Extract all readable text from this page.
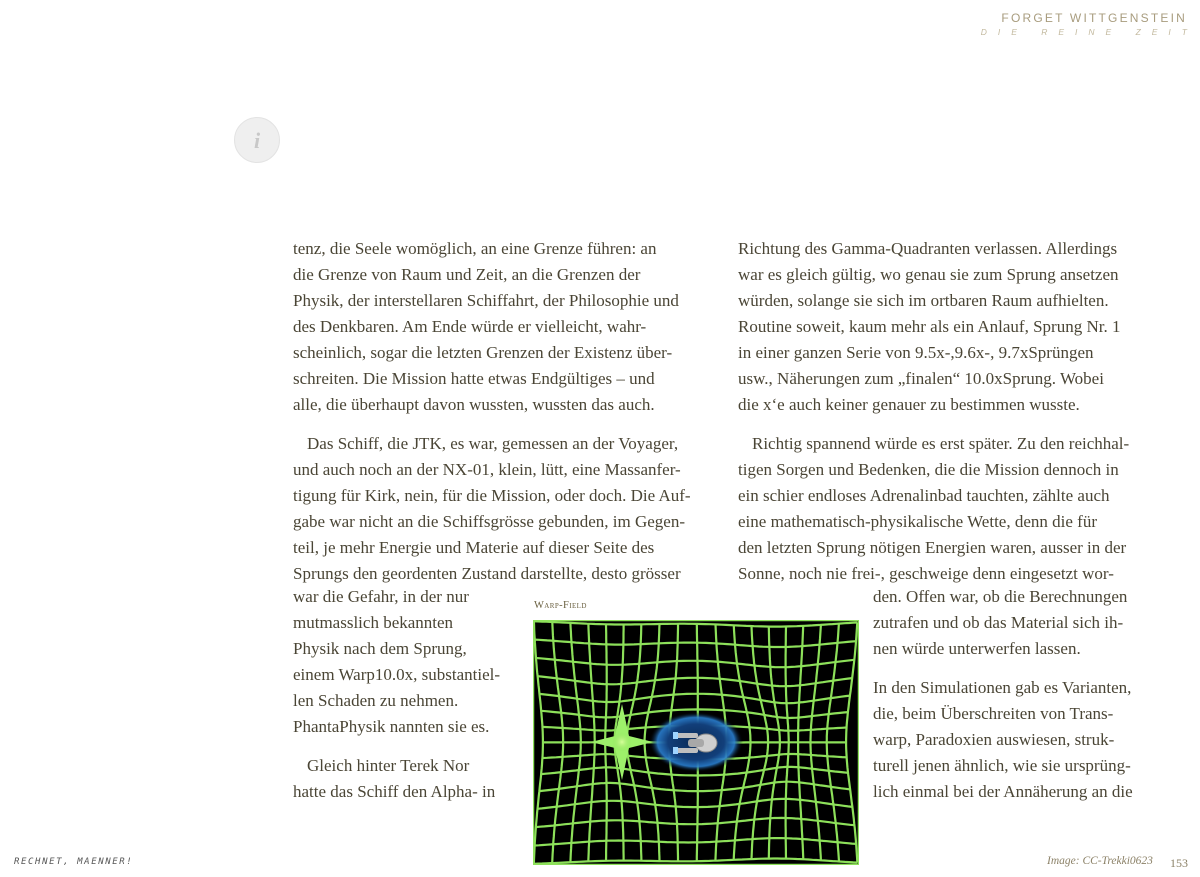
FORGET WITTGENSTEIN
DIE REINE ZEIT
i

tenz, die Seele womöglich, an eine Grenze führen: an
die Grenze von Raum und Zeit, an die Grenzen der
Physik, der interstellaren Schiffahrt, der Philosophie und
des Denkbaren. Am Ende würde er vielleicht, wahr-
scheinlich, sogar die letzten Grenzen der Existenz über-
schreiten. Die Mission hatte etwas Endgültiges – und
alle, die überhaupt davon wussten, wussten das auch.

Das Schiff, die JTK, es war, gemessen an der Voyager,
und auch noch an der NX-01, klein, lütt, eine Massanfer-
tigung für Kirk, nein, für die Mission, oder doch. Die Auf-
gabe war nicht an die Schiffsgrösse gebunden, im Gegen-
teil, je mehr Energie und Materie auf dieser Seite des
Sprungs den geordenten Zustand darstellte, desto grösser

war die Gefahr, in der nur
mutmasslich bekannten
Physik nach dem Sprung,
einem Warp10.0x, substantiel-
len Schaden zu nehmen.
PhantaPhysik nannten sie es.

Gleich hinter Terek Nor
hatte das Schiff den Alpha- in

Richtung des Gamma-Quadranten verlassen. Allerdings
war es gleich gültig, wo genau sie zum Sprung ansetzen
würden, solange sie sich im ortbaren Raum aufhielten.
Routine soweit, kaum mehr als ein Anlauf, Sprung Nr. 1
in einer ganzen Serie von 9.5x-,9.6x-, 9.7xSprüngen
usw., Näherungen zum „finalen“ 10.0xSprung. Wobei
die x‘e auch keiner genauer zu bestimmen wusste.

Richtig spannend würde es erst später. Zu den reichhal-
tigen Sorgen und Bedenken, die die Mission dennoch in
ein schier endloses Adrenalinbad tauchten, zählte auch
eine mathematisch-physikalische Wette, denn die für
den letzten Sprung nötigen Energien waren, ausser in der
Sonne, noch nie frei-, geschweige denn eingesetzt wor-

den. Offen war, ob die Berechnungen
zutrafen und ob das Material sich ih-
nen würde unterwerfen lassen.

In den Simulationen gab es Varianten,
die, beim Überschreiten von Trans-
warp, Paradoxien auswiesen, struk-
turell jenen ähnlich, wie sie ursprüng-
lich einmal bei der Annäherung an die

Warp-Field
RECHNET, MAENNER!	Image: CC-Trekki0623 153
